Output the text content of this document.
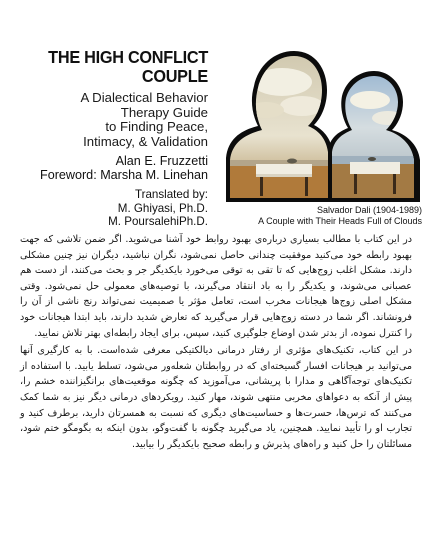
THE HIGH CONFLICT
COUPLE
A Dialectical Behavior
Therapy Guide
to Finding Peace,
Intimacy, & Validation
Alan E. Fruzzetti
Foreword: Marsha M. Linehan
Translated by:
M. Ghiyasi, Ph.D.
M. PoursalehiPh.D.
Salvador Dali (1904-1989)
A Couple with Their Heads Full of Clouds

در این کتاب با مطالب بسیاری درباره‌ی بهبود روابط خود آشنا می‌شوید. اگر ضمن تلاشی که جهت بهبود رابطه خود می‌کنید موفقیت چندانی حاصل نمی‌شود، نگران نباشید، دیگران نیز چنین مشکلی دارند. مشکل اغلب زوج‌هایی که تا تقی به توقی می‌خورد بایکدیگر جر و بحث می‌کنند، از دست هم عصبانی می‌شوند، و یکدیگر را به باد انتقاد می‌گیرند، با توصیه‌های معمولی حل نمی‌شود. وقتی مشکل اصلی زوج‌ها هیجانات مخرب است، تعامل مؤثر یا صمیمیت نمی‌تواند رنج ناشی از آن را فرونشاند. اگر شما در دسته زوج‌هایی قرار می‌گیرید که تعارض شدید دارند، باید ابتدا هیجانات خود را کنترل نموده، از بدتر شدن اوضاع جلوگیری کنید، سپس، برای ایجاد رابطه‌ای بهتر تلاش نمایید.

در این کتاب، تکنیک‌های مؤثری از رفتار درمانی دیالکتیکی معرفی شده‌است. با به کارگیری آنها می‌توانید بر هیجانات افسار گسیخته‌ای که در روابطتان شعله‌ور می‌شود، تسلط یابید. با استفاده از تکنیک‌های توجه‌آگاهی و مدارا با پریشانی، می‌آموزید که چگونه موقعیت‌های برانگیزاننده خشم را، پیش از آنکه به دعواهای مخربی منتهی شوند، مهار کنید. رویکردهای درمانی دیگر نیز به شما کمک می‌کنند که ترس‌ها، حسرت‌ها و حساسیت‌های دیگری که نسبت به همسرتان دارید، برطرف کنید و تجارب او را تأیید نمایید. همچنین، یاد می‌گیرید چگونه با گفت‌وگو، بدون اینکه به بگومگو ختم شود، مسائلتان را حل کنید و راه‌های پذیرش و رابطه صحیح بایکدیگر را بیابید.
